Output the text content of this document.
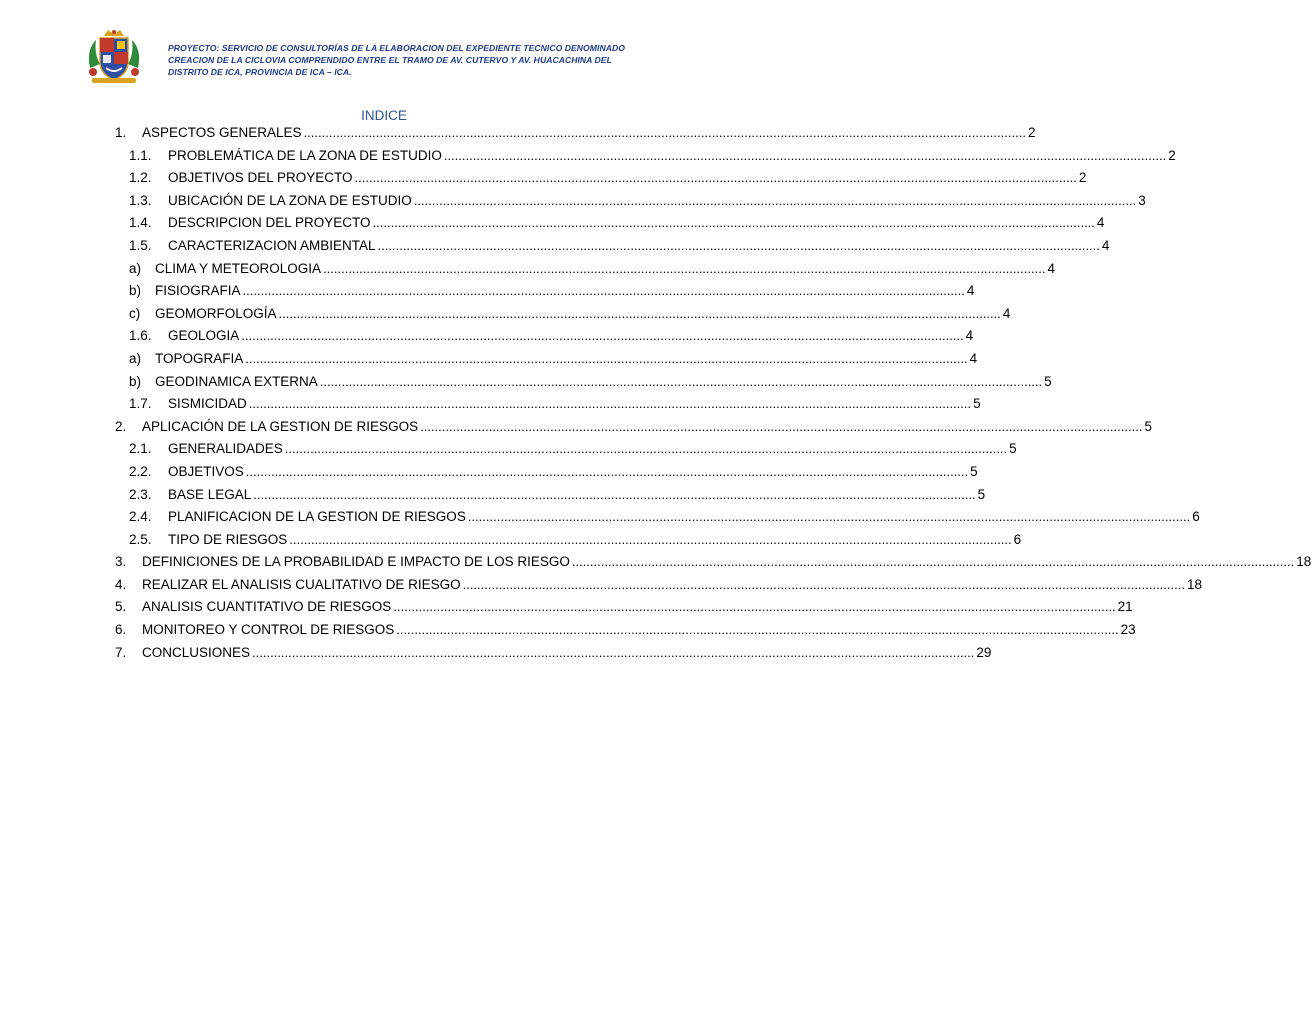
PROYECTO: SERVICIO DE CONSULTORÍAS DE LA ELABORACION DEL EXPEDIENTE TECNICO DENOMINADO
CREACION DE LA CICLOVIA COMPRENDIDO ENTRE EL TRAMO DE AV. CUTERVO Y AV. HUACACHINA DEL
DISTRITO DE ICA, PROVINCIA DE ICA – ICA.
INDICE
1. ASPECTOS GENERALES .....	2
1.1. PROBLEMÁTICA DE LA ZONA DE ESTUDIO .....	2
1.2. OBJETIVOS DEL PROYECTO .....	2
1.3. UBICACIÓN DE LA ZONA DE ESTUDIO .....	3
1.4. DESCRIPCION DEL PROYECTO .....	4
1.5. CARACTERIZACION AMBIENTAL .....	4
a) CLIMA Y METEOROLOGIA .....	4
b) FISIOGRAFIA .....	4
c) GEOMORFOLOGÍA .....	4
1.6. GEOLOGIA .....	4
a) TOPOGRAFIA .....	4
b) GEODINAMICA EXTERNA .....	5
1.7. SISMICIDAD .....	5
2. APLICACIÓN DE LA GESTION DE RIESGOS .....	5
2.1. GENERALIDADES .....	5
2.2. OBJETIVOS .....	5
2.3. BASE LEGAL .....	5
2.4. PLANIFICACION DE LA GESTION DE RIESGOS .....	6
2.5. TIPO DE RIESGOS .....	6
3. DEFINICIONES DE LA PROBABILIDAD E IMPACTO DE LOS RIESGO .....	18
4. REALIZAR EL ANALISIS CUALITATIVO DE RIESGO .....	18
5. ANALISIS CUANTITATIVO DE RIESGOS .....	21
6. MONITOREO Y CONTROL DE RIESGOS .....	23
7. CONCLUSIONES .....	29
